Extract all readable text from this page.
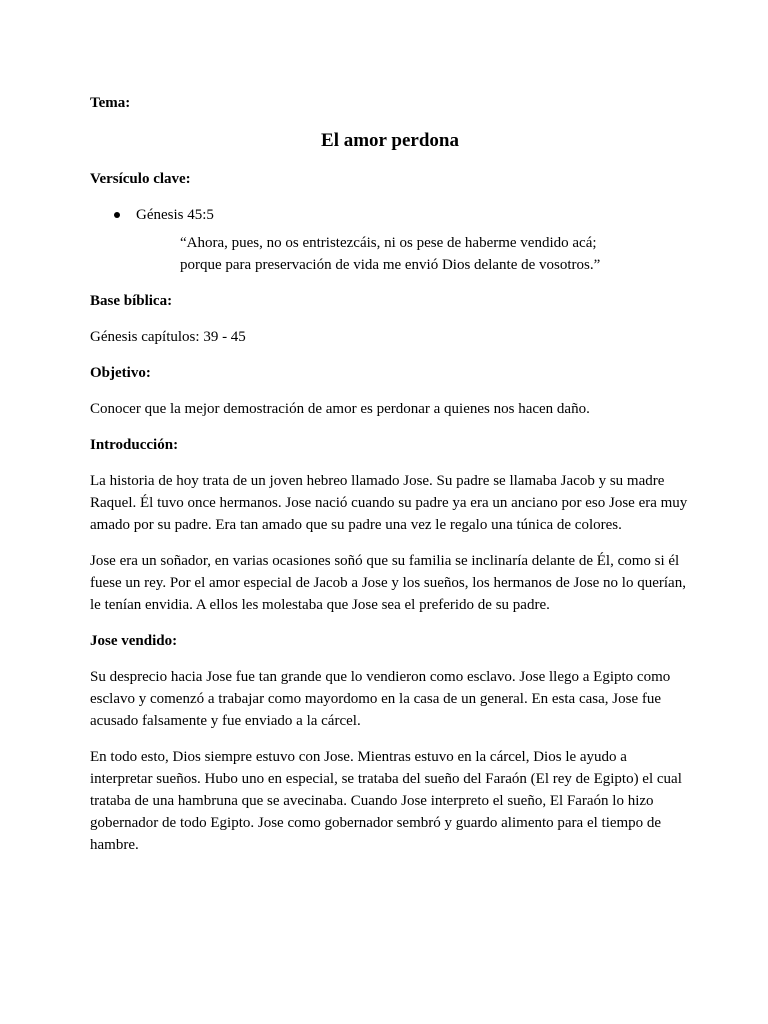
Tema:
El amor perdona
Versículo clave:
Génesis 45:5
“Ahora, pues, no os entristezcáis, ni os pese de haberme vendido acá;
porque para preservación de vida me envió Dios delante de vosotros.”
Base bíblica:

Génesis capítulos: 39 - 45

Objetivo:

Conocer que la mejor demostración de amor es perdonar a quienes nos hacen daño.

Introducción:

La historia de hoy trata de un joven hebreo llamado Jose. Su padre se llamaba Jacob y su madre Raquel. Él tuvo once hermanos. Jose nació cuando su padre ya era un anciano por eso Jose era muy amado por su padre. Era tan amado que su padre una vez le regalo una túnica de colores.

Jose era un soñador, en varias ocasiones soñó que su familia se inclinaría delante de Él, como si él fuese un rey. Por el amor especial de Jacob a Jose y los sueños, los hermanos de Jose no lo querían, le tenían envidia. A ellos les molestaba que Jose sea el preferido de su padre.

Jose vendido:

Su desprecio hacia Jose fue tan grande que lo vendieron como esclavo. Jose llego a Egipto como esclavo y comenzó a trabajar como mayordomo en la casa de un general. En esta casa, Jose fue acusado falsamente y fue enviado a la cárcel.

En todo esto, Dios siempre estuvo con Jose. Mientras estuvo en la cárcel, Dios le ayudo a interpretar sueños. Hubo uno en especial, se trataba del sueño del Faraón (El rey de Egipto) el cual trataba de una hambruna que se avecinaba. Cuando Jose interpreto el sueño, El Faraón lo hizo gobernador de todo Egipto. Jose como gobernador sembró y guardo alimento para el tiempo de hambre.
